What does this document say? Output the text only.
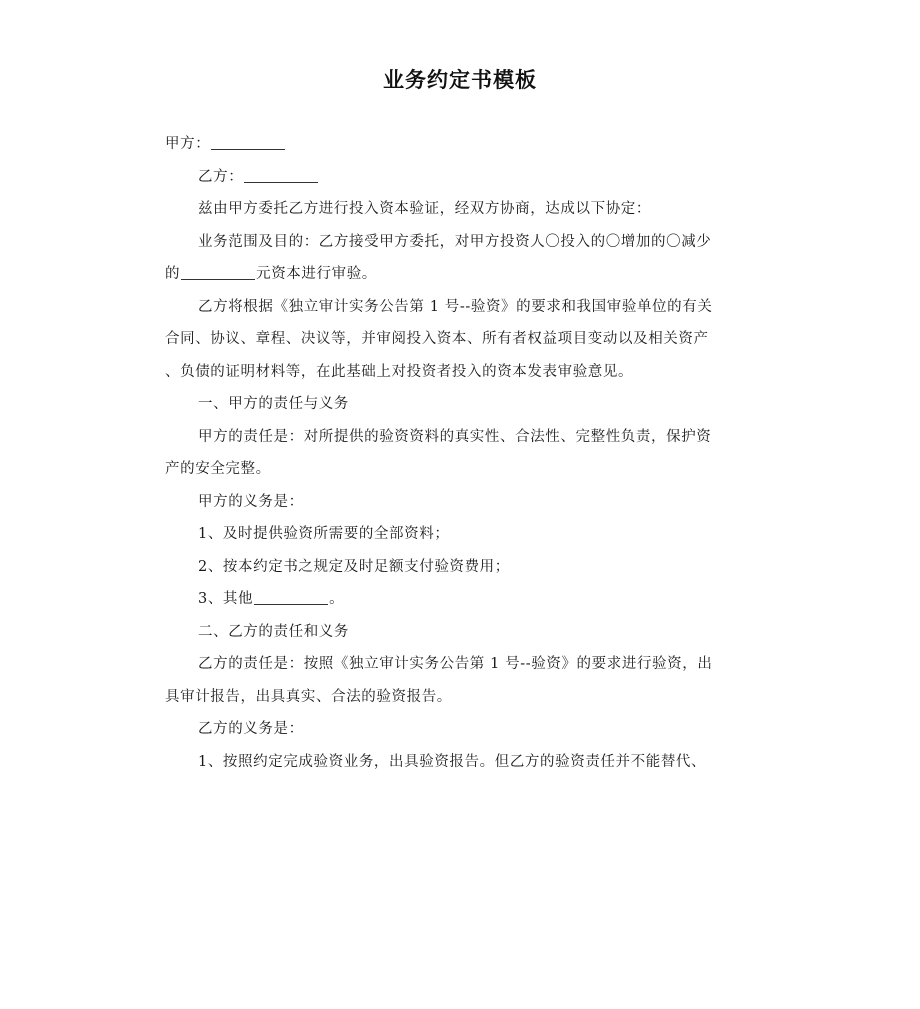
业务约定书模板
甲方：
乙方：
兹由甲方委托乙方进行投入资本验证，经双方协商，达成以下协定：
业务范围及目的：乙方接受甲方委托，对甲方投资人〇投入的〇增加的〇减少
的	元资本进行审验。
乙方将根据《独立审计实务公告第 1 号--验资》的要求和我国审验单位的有关
合同、协议、章程、决议等，并审阅投入资本、所有者权益项目变动以及相关资产
、负债的证明材料等，在此基础上对投资者投入的资本发表审验意见。
一、甲方的责任与义务
甲方的责任是：对所提供的验资资料的真实性、合法性、完整性负责，保护资
产的安全完整。
甲方的义务是：
1、及时提供验资所需要的全部资料；
2、按本约定书之规定及时足额支付验资费用；
3、其他	。
二、乙方的责任和义务
乙方的责任是：按照《独立审计实务公告第 1 号--验资》的要求进行验资，出
具审计报告，出具真实、合法的验资报告。
乙方的义务是：
1、按照约定完成验资业务，出具验资报告。但乙方的验资责任并不能替代、
